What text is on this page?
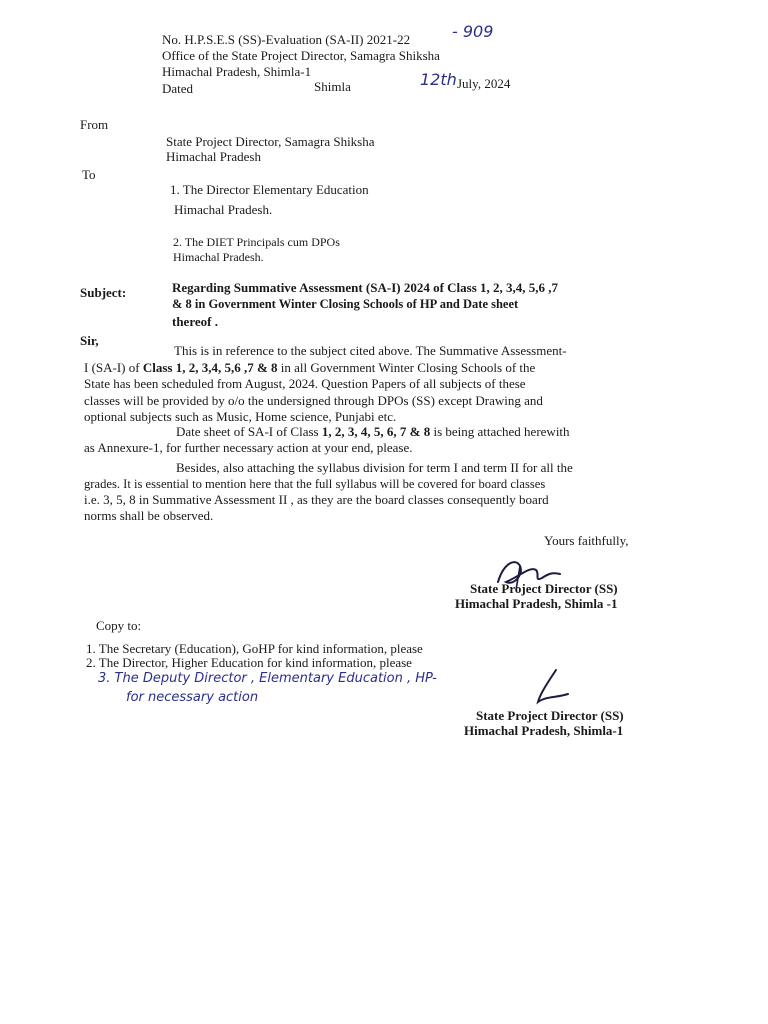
No. H.P.S.E.S (SS)-Evaluation (SA-II) 2021-22	- 909
Office of the State Project Director, Samagra Shiksha
Himachal Pradesh, Shimla-1
Dated	Shimla	12th July, 2024
From
State Project Director, Samagra Shiksha
Himachal Pradesh
To
1. The Director Elementary Education
Himachal Pradesh.
2. The DIET Principals cum DPOs
Himachal Pradesh.
Subject:	Regarding Summative Assessment (SA-I) 2024 of Class 1, 2, 3,4, 5,6 ,7
& 8 in Government Winter Closing Schools of HP and Date sheet
thereof .
Sir,
This is in reference to the subject cited above. The Summative Assessment-
I (SA-I) of Class 1, 2, 3,4, 5,6 ,7 & 8 in all Government Winter Closing Schools of the
State has been scheduled from August, 2024. Question Papers of all subjects of these
classes will be provided by o/o the undersigned through DPOs (SS) except Drawing and
optional subjects such as Music, Home science, Punjabi etc.
Date sheet of SA-I of Class 1, 2, 3, 4, 5, 6, 7 & 8 is being attached herewith
as Annexure-1, for further necessary action at your end, please.
Besides, also attaching the syllabus division for term I and term II for all the
grades. It is essential to mention here that the full syllabus will be covered for board classes
i.e. 3, 5, 8 in Summative Assessment II , as they are the board classes consequently board
norms shall be observed.
Yours faithfully,
State Project Director (SS)
Himachal Pradesh, Shimla -1
Copy to:
1. The Secretary (Education), GoHP for kind information, please
2. The Director, Higher Education for kind information, please
3. The Deputy Director , Elementary Education , HP-
for necessary action
State Project Director (SS)
Himachal Pradesh, Shimla-1
